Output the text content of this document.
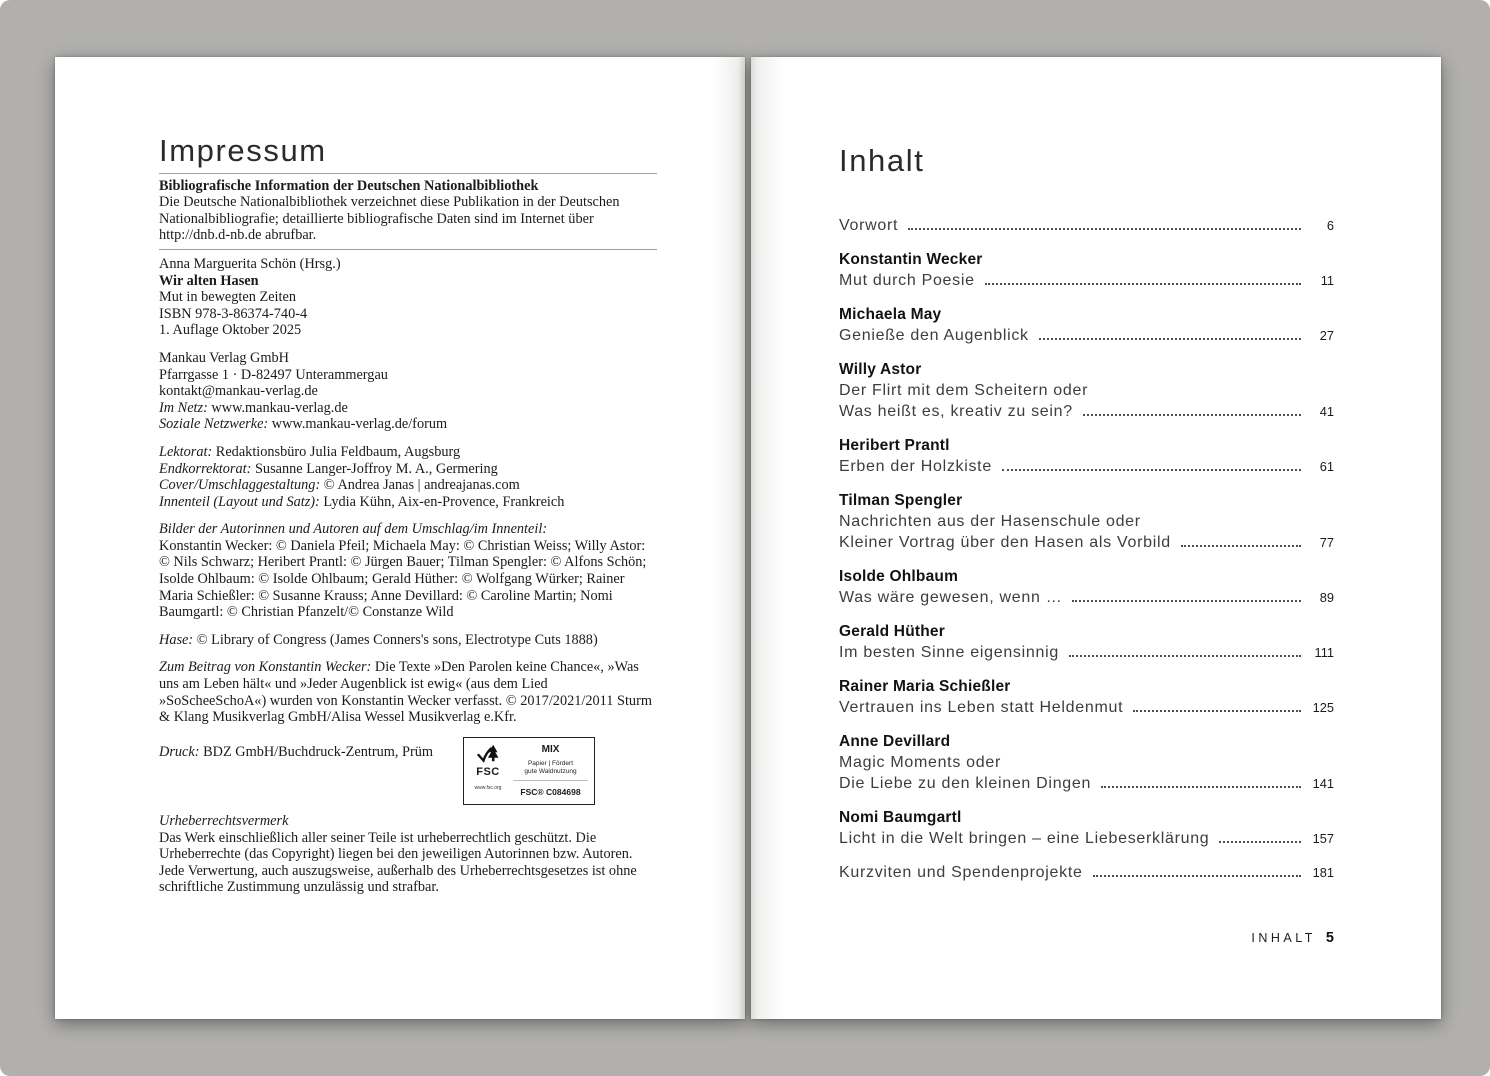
Impressum
Bibliografische Information der Deutschen Nationalbibliothek
Die Deutsche Nationalbibliothek verzeichnet diese Publikation in der Deutschen Nationalbibliografie; detaillierte bibliografische Daten sind im Internet über http://dnb.d-nb.de abrufbar.
Anna Marguerita Schön (Hrsg.)
Wir alten Hasen
Mut in bewegten Zeiten
ISBN 978-3-86374-740-4
1. Auflage Oktober 2025
Mankau Verlag GmbH
Pfarrgasse 1 · D-82497 Unterammergau
kontakt@mankau-verlag.de
Im Netz: www.mankau-verlag.de
Soziale Netzwerke: www.mankau-verlag.de/forum
Lektorat: Redaktionsbüro Julia Feldbaum, Augsburg
Endkorrektorat: Susanne Langer-Joffroy M. A., Germering
Cover/Umschlaggestaltung: © Andrea Janas | andreajanas.com
Innenteil (Layout und Satz): Lydia Kühn, Aix-en-Provence, Frankreich
Bilder der Autorinnen und Autoren auf dem Umschlag/im Innenteil:
Konstantin Wecker: © Daniela Pfeil; Michaela May: © Christian Weiss; Willy Astor: © Nils Schwarz; Heribert Prantl: © Jürgen Bauer; Tilman Spengler: © Alfons Schön; Isolde Ohlbaum: © Isolde Ohlbaum; Gerald Hüther: © Wolfgang Würker; Rainer Maria Schießler: © Susanne Krauss; Anne Devillard: © Caroline Martin; Nomi Baumgartl: © Christian Pfanzelt/© Constanze Wild
Hase: © Library of Congress (James Conners's sons, Electrotype Cuts 1888)
Zum Beitrag von Konstantin Wecker: Die Texte »Den Parolen keine Chance«, »Was uns am Leben hält« und »Jeder Augenblick ist ewig« (aus dem Lied »SoScheeSchoA«) wurden von Konstantin Wecker verfasst. © 2017/2021/2011 Sturm & Klang Musikverlag GmbH/Alisa Wessel Musikverlag e.Kfr.
Druck: BDZ GmbH/Buchdruck-Zentrum, Prüm
FSC
www.fsc.org
MIX
Papier | Fördert
gute Waldnutzung
FSC® C084698
Urheberrechtsvermerk
Das Werk einschließlich aller seiner Teile ist urheberrechtlich geschützt. Die Urheberrechte (das Copyright) liegen bei den jeweiligen Autorinnen bzw. Autoren. Jede Verwertung, auch auszugsweise, außerhalb des Urheberrechtsgesetzes ist ohne schriftliche Zustimmung unzulässig und strafbar.
Inhalt
Vorwort	6
Konstantin Wecker
Mut durch Poesie	11
Michaela May
Genieße den Augenblick	27
Willy Astor
Der Flirt mit dem Scheitern oder
Was heißt es, kreativ zu sein?	41
Heribert Prantl
Erben der Holzkiste	61
Tilman Spengler
Nachrichten aus der Hasenschule oder
Kleiner Vortrag über den Hasen als Vorbild	77
Isolde Ohlbaum
Was wäre gewesen, wenn …	89
Gerald Hüther
Im besten Sinne eigensinnig	111
Rainer Maria Schießler
Vertrauen ins Leben statt Heldenmut	125
Anne Devillard
Magic Moments oder
Die Liebe zu den kleinen Dingen	141
Nomi Baumgartl
Licht in die Welt bringen – eine Liebeserklärung	157
Kurzviten und Spendenprojekte	181
INHALT 5
